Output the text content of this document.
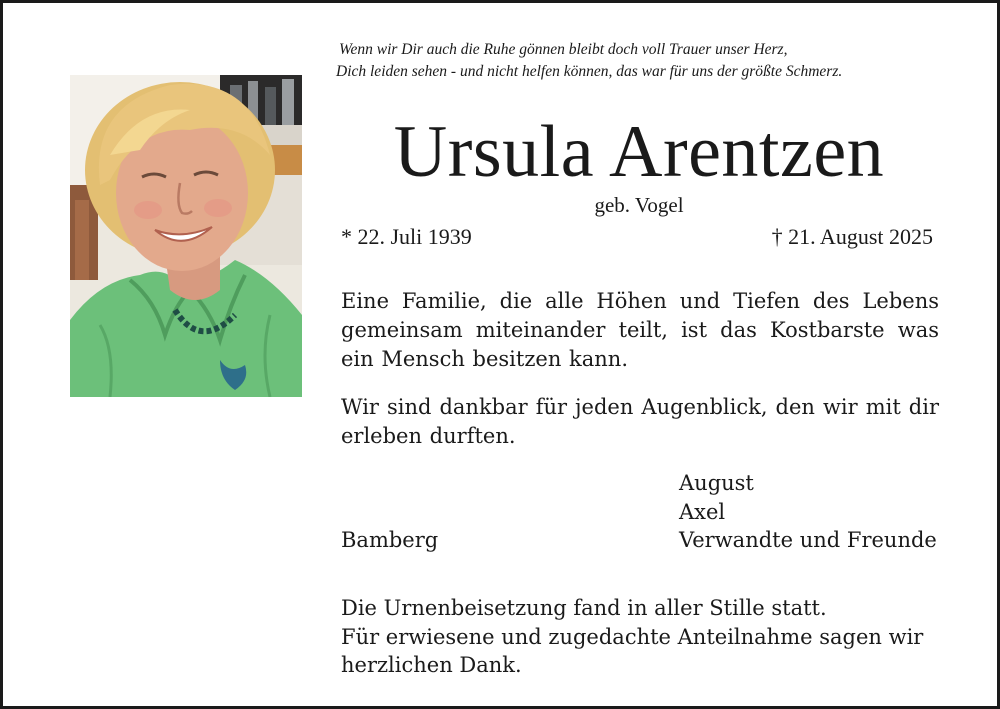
Wenn wir Dir auch die Ruhe gönnen bleibt doch voll Trauer unser Herz,
Dich leiden sehen - und nicht helfen können, das war für uns der größte Schmerz.
Ursula Arentzen
geb. Vogel
* 22. Juli 1939	† 21. August 2025
Eine Familie, die alle Höhen und Tiefen des Lebens gemeinsam miteinander teilt, ist das Kostbarste was ein Mensch besitzen kann.
Wir sind dankbar für jeden Augenblick, den wir mit dir erleben durften.
August
Axel
Verwandte und Freunde
Bamberg
Die Urnenbeisetzung fand in aller Stille statt.
Für erwiesene und zugedachte Anteilnahme sagen wir
herzlichen Dank.
